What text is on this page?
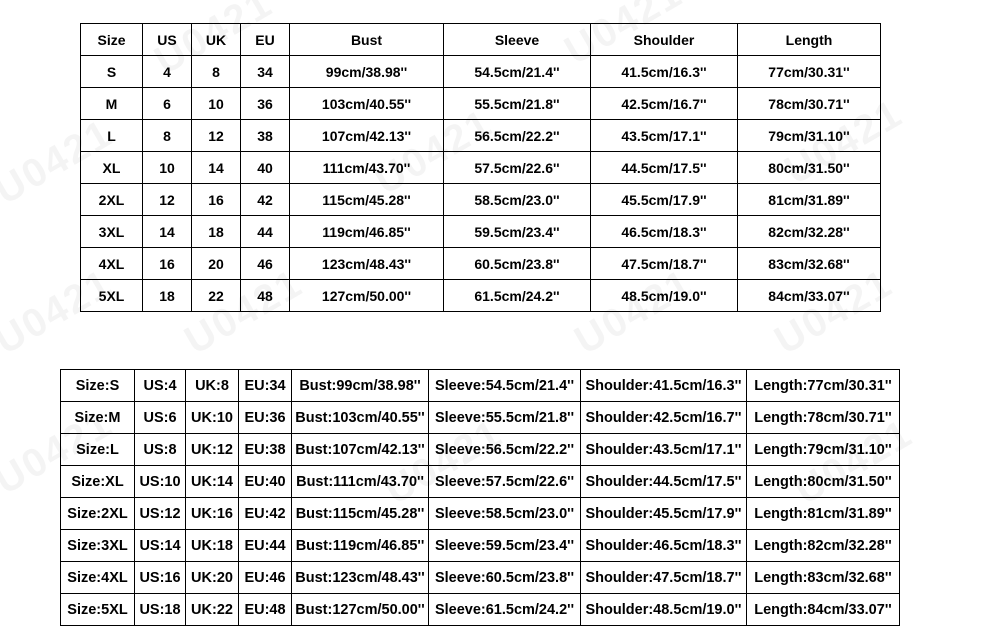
Size	US	UK	EU	Bust	Sleeve	Shoulder	Length
S	4	8	34	99cm/38.98''	54.5cm/21.4''	41.5cm/16.3''	77cm/30.31''
M	6	10	36	103cm/40.55''	55.5cm/21.8''	42.5cm/16.7''	78cm/30.71''
L	8	12	38	107cm/42.13''	56.5cm/22.2''	43.5cm/17.1''	79cm/31.10''
XL	10	14	40	111cm/43.70''	57.5cm/22.6''	44.5cm/17.5''	80cm/31.50''
2XL	12	16	42	115cm/45.28''	58.5cm/23.0''	45.5cm/17.9''	81cm/31.89''
3XL	14	18	44	119cm/46.85''	59.5cm/23.4''	46.5cm/18.3''	82cm/32.28''
4XL	16	20	46	123cm/48.43''	60.5cm/23.8''	47.5cm/18.7''	83cm/32.68''
5XL	18	22	48	127cm/50.00''	61.5cm/24.2''	48.5cm/19.0''	84cm/33.07''
Size:S	US:4	UK:8	EU:34	Bust:99cm/38.98''	Sleeve:54.5cm/21.4''	Shoulder:41.5cm/16.3''	Length:77cm/30.31''
Size:M	US:6	UK:10	EU:36	Bust:103cm/40.55''	Sleeve:55.5cm/21.8''	Shoulder:42.5cm/16.7''	Length:78cm/30.71''
Size:L	US:8	UK:12	EU:38	Bust:107cm/42.13''	Sleeve:56.5cm/22.2''	Shoulder:43.5cm/17.1''	Length:79cm/31.10''
Size:XL	US:10	UK:14	EU:40	Bust:111cm/43.70''	Sleeve:57.5cm/22.6''	Shoulder:44.5cm/17.5''	Length:80cm/31.50''
Size:2XL	US:12	UK:16	EU:42	Bust:115cm/45.28''	Sleeve:58.5cm/23.0''	Shoulder:45.5cm/17.9''	Length:81cm/31.89''
Size:3XL	US:14	UK:18	EU:44	Bust:119cm/46.85''	Sleeve:59.5cm/23.4''	Shoulder:46.5cm/18.3''	Length:82cm/32.28''
Size:4XL	US:16	UK:20	EU:46	Bust:123cm/48.43''	Sleeve:60.5cm/23.8''	Shoulder:47.5cm/18.7''	Length:83cm/32.68''
Size:5XL	US:18	UK:22	EU:48	Bust:127cm/50.00''	Sleeve:61.5cm/24.2''	Shoulder:48.5cm/19.0''	Length:84cm/33.07''
